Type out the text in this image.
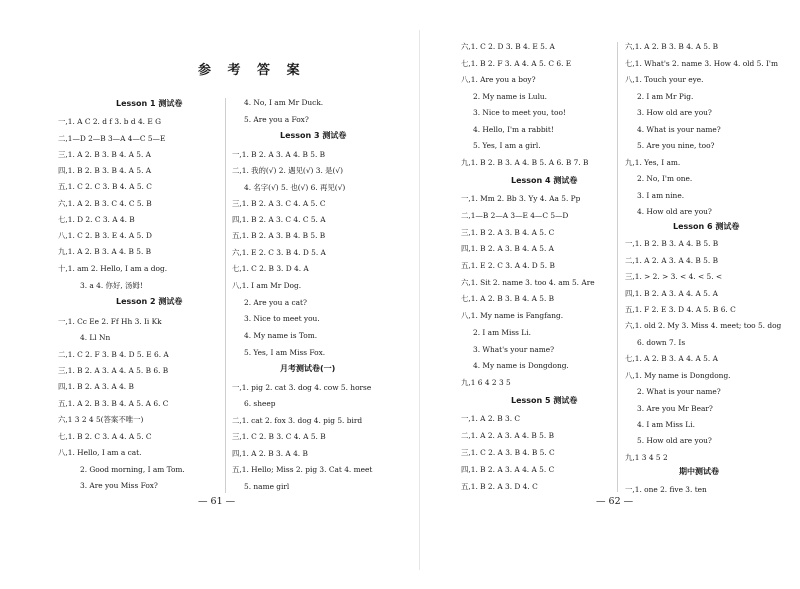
参 考 答 案
Lesson 1 测试卷
一,1. A C 2. d f 3. b d 4. E G
二,1—D 2—B 3—A 4—C 5—E
三,1. A 2. B 3. B 4. A 5. A
四,1. B 2. B 3. B 4. A 5. A
五,1. C 2. C 3. B 4. A 5. C
六,1. A 2. B 3. C 4. C 5. B
七,1. D 2. C 3. A 4. B
八,1. C 2. B 3. E 4. A 5. D
九,1. A 2. B 3. A 4. B 5. B
十,1. am 2. Hello, I am a dog.
3. a 4. 你好, 汤姆!
Lesson 2 测试卷
一,1. Cc Ee 2. Ff Hh 3. Ii Kk
4. Ll Nn
二,1. C 2. F 3. B 4. D 5. E 6. A
三,1. B 2. A 3. A 4. A 5. B 6. B
四,1. B 2. A 3. A 4. B
五,1. A 2. B 3. B 4. A 5. A 6. C
六,1 3 2 4 5(答案不唯一)
七,1. B 2. C 3. A 4. A 5. C
八,1. Hello, I am a cat.
2. Good morning, I am Tom.
3. Are you Miss Fox?
4. No, I am Mr Duck.
5. Are you a Fox?
Lesson 3 测试卷
一,1. B 2. A 3. A 4. B 5. B
二,1. 我的(√) 2. 遇见(√) 3. 是(√)
4. 名字(√) 5. 也(√) 6. 再见(√)
三,1. B 2. A 3. C 4. A 5. C
四,1. B 2. A 3. C 4. C 5. A
五,1. B 2. A 3. B 4. B 5. B
六,1. E 2. C 3. B 4. D 5. A
七,1. C 2. B 3. D 4. A
八,1. I am Mr Dog.
2. Are you a cat?
3. Nice to meet you.
4. My name is Tom.
5. Yes, I am Miss Fox.
月考测试卷(一)
一,1. pig 2. cat 3. dog 4. cow 5. horse
6. sheep
二,1. cat 2. fox 3. dog 4. pig 5. bird
三,1. C 2. B 3. C 4. A 5. B
四,1. A 2. B 3. A 4. B
五,1. Hello; Miss 2. pig 3. Cat 4. meet
5. name girl
— 61 —
六,1. C 2. D 3. B 4. E 5. A
七,1. B 2. F 3. A 4. A 5. C 6. E
八,1. Are you a boy?
2. My name is Lulu.
3. Nice to meet you, too!
4. Hello, I'm a rabbit!
5. Yes, I am a girl.
九,1. B 2. B 3. A 4. B 5. A 6. B 7. B
Lesson 4 测试卷
一,1. Mm 2. Bb 3. Yy 4. Aa 5. Pp
二,1—B 2—A 3—E 4—C 5—D
三,1. B 2. A 3. B 4. A 5. C
四,1. B 2. A 3. B 4. A 5. A
五,1. E 2. C 3. A 4. D 5. B
六,1. Sit 2. name 3. too 4. am 5. Are
七,1. A 2. B 3. B 4. A 5. B
八,1. My name is Fangfang.
2. I am Miss Li.
3. What's your name?
4. My name is Dongdong.
九,1 6 4 2 3 5
Lesson 5 测试卷
一,1. A 2. B 3. C
二,1. A 2. A 3. A 4. B 5. B
三,1. C 2. A 3. B 4. B 5. C
四,1. B 2. A 3. A 4. A 5. C
五,1. B 2. A 3. D 4. C
六,1. A 2. B 3. B 4. A 5. B
七,1. What's 2. name 3. How 4. old 5. I'm
八,1. Touch your eye.
2. I am Mr Pig.
3. How old are you?
4. What is your name?
5. Are you nine, too?
九,1. Yes, I am.
2. No, I'm one.
3. I am nine.
4. How old are you?
Lesson 6 测试卷
一,1. B 2. B 3. A 4. B 5. B
二,1. A 2. A 3. A 4. B 5. B
三,1. > 2. > 3. < 4. < 5. <
四,1. B 2. A 3. A 4. A 5. A
五,1. F 2. E 3. D 4. A 5. B 6. C
六,1. old 2. My 3. Miss 4. meet; too 5. dog
6. down 7. Is
七,1. A 2. B 3. A 4. A 5. A
八,1. My name is Dongdong.
2. What is your name?
3. Are you Mr Bear?
4. I am Miss Li.
5. How old are you?
九,1 3 4 5 2
期中测试卷
一,1. one 2. five 3. ten
— 62 —
